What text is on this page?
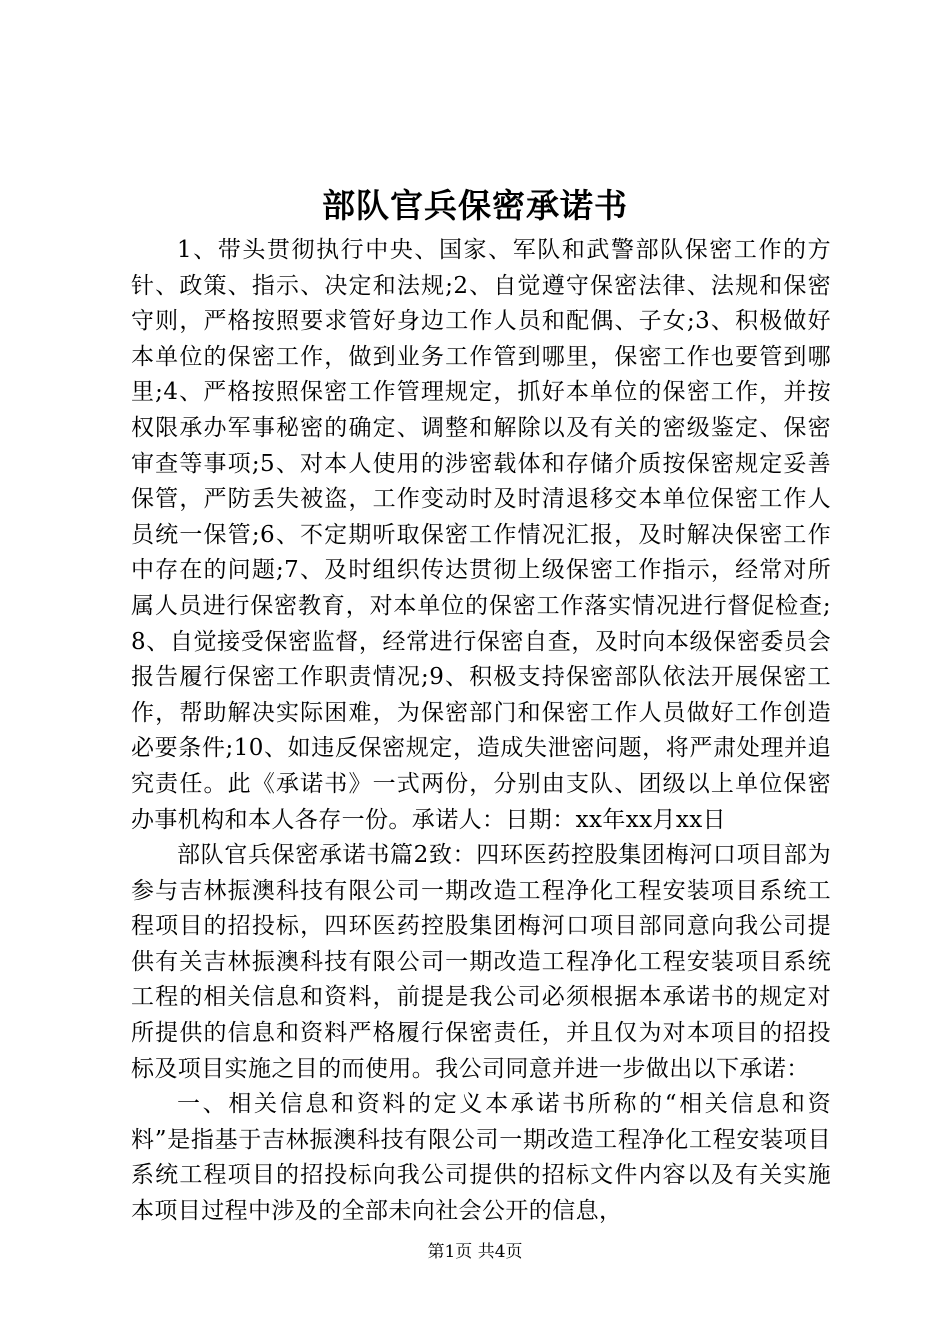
部队官兵保密承诺书

1、带头贯彻执行中央、国家、军队和武警部队保密工作的方针、政策、指示、决定和法规;2、自觉遵守保密法律、法规和保密守则，严格按照要求管好身边工作人员和配偶、子女;3、积极做好本单位的保密工作，做到业务工作管到哪里，保密工作也要管到哪里;4、严格按照保密工作管理规定，抓好本单位的保密工作，并按权限承办军事秘密的确定、调整和解除以及有关的密级鉴定、保密审查等事项;5、对本人使用的涉密载体和存储介质按保密规定妥善保管，严防丢失被盗，工作变动时及时清退移交本单位保密工作人员统一保管;6、不定期听取保密工作情况汇报，及时解决保密工作中存在的问题;7、及时组织传达贯彻上级保密工作指示，经常对所属人员进行保密教育，对本单位的保密工作落实情况进行督促检查;8、自觉接受保密监督，经常进行保密自查，及时向本级保密委员会报告履行保密工作职责情况;9、积极支持保密部队依法开展保密工作，帮助解决实际困难，为保密部门和保密工作人员做好工作创造必要条件;10、如违反保密规定，造成失泄密问题，将严肃处理并追究责任。此《承诺书》一式两份，分别由支队、团级以上单位保密办事机构和本人各存一份。承诺人：日期：xx年xx月xx日

部队官兵保密承诺书篇2致：四环医药控股集团梅河口项目部为参与吉林振澳科技有限公司一期改造工程净化工程安装项目系统工程项目的招投标，四环医药控股集团梅河口项目部同意向我公司提供有关吉林振澳科技有限公司一期改造工程净化工程安装项目系统工程的相关信息和资料，前提是我公司必须根据本承诺书的规定对所提供的信息和资料严格履行保密责任，并且仅为对本项目的招投标及项目实施之目的而使用。我公司同意并进一步做出以下承诺：

一、相关信息和资料的定义本承诺书所称的“相关信息和资料”是指基于吉林振澳科技有限公司一期改造工程净化工程安装项目系统工程项目的招投标向我公司提供的招标文件内容以及有关实施本项目过程中涉及的全部未向社会公开的信息，

第1页 共4页
